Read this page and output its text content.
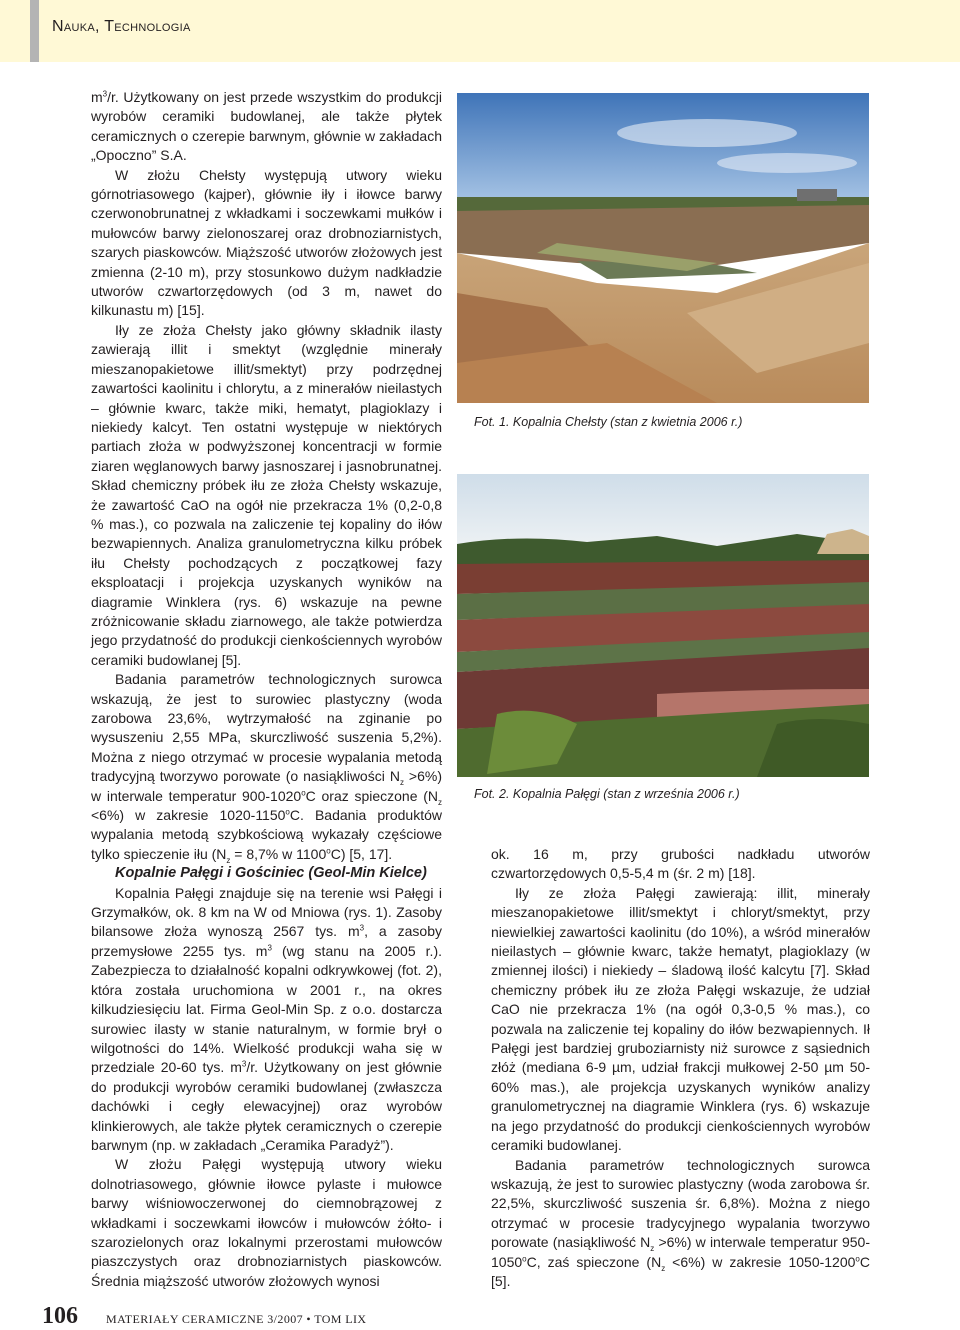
Nauka, Technologia

$m^3/r$. Użytkowany on jest przede wszystkim do produkcji wyrobów ceramiki budowlanej, ale także płytek ceramicznych o czerepie barwnym, głównie w zakładach „Opoczno” S.A.

W złożu Chełsty występują utwory wieku górnotriasowego (kajper), głównie iły i iłowce barwy czerwonobrunatnej z wkładkami i soczewkami mułków i mułowców barwy zielonoszarej oraz drobnoziarnistych, szarych piaskowców. Miąższość utworów złożowych jest zmienna (2-10 m), przy stosunkowo dużym nadkładzie utworów czwartorzędowych (od 3 m, nawet do kilkunastu m) [15].

Iły ze złoża Chełsty jako główny składnik ilasty zawierają illit i smektyt (względnie minerały mieszanopakietowe illit/smektyt) przy podrzędnej zawartości kaolinitu i chlorytu, a z minerałów nieilastych – głównie kwarc, także miki, hematyt, plagioklazy i niekiedy kalcyt. Ten ostatni występuje w niektórych partiach złoża w podwyższonej koncentracji w formie ziaren węglanowych barwy jasnoszarej i jasnobrunatnej. Skład chemiczny próbek iłu ze złoża Chełsty wskazuje, że zawartość CaO na ogół nie przekracza 1% (0,2-0,8 % mas.), co pozwala na zaliczenie tej kopaliny do iłów bezwapiennych. Analiza granulometryczna kilku próbek iłu Chełsty pochodzących z początkowej fazy eksploatacji i projekcja uzyskanych wyników na diagramie Winklera (rys. 6) wskazuje na pewne zróżnicowanie składu ziarnowego, ale także potwierdza jego przydatność do produkcji cienkościennych wyrobów ceramiki budowlanej [5].

Badania parametrów technologicznych surowca wskazują, że jest to surowiec plastyczny (woda zarobowa 23,6%, wytrzymałość na zginanie po wysuszeniu 2,55 MPa, skurczliwość suszenia 5,2%). Można z niego otrzymać w procesie wypalania metodą tradycyjną tworzywo porowate (o nasiąkliwości $N_z >6\%$) w interwale temperatur 900-1020$^o$C oraz spieczone $(N_z <6\%)$ w zakresie 1020-1150$^o$C. Badania produktów wypalania metodą szybkościową wykazały częściowe tylko spieczenie iłu ($N_z = 8,7\%$ w 1100$^o$C) [5, 17].

Kopalnie Pałęgi i Gościniec (Geol-Min Kielce)

Kopalnia Pałęgi znajduje się na terenie wsi Pałęgi i Grzymałków, ok. 8 km na W od Mniowa (rys. 1). Zasoby bilansowe złoża wynoszą 2567 tys. $m^3$, a zasoby przemysłowe 2255 tys. $m^3$ (wg stanu na 2005 r.). Zabezpiecza to działalność kopalni odkrywkowej (fot. 2), która została uruchomiona w 2001 r., na okres kilkudziesięciu lat. Firma Geol-Min Sp. z o.o. dostarcza surowiec ilasty w stanie naturalnym, w formie brył o wilgotności do 14%. Wielkość produkcji waha się w przedziale 20-60 tys. $m^3/r$. Użytkowany on jest głównie do produkcji wyrobów ceramiki budowlanej (zwłaszcza dachówki i cegły elewacyjnej) oraz wyrobów klinkierowych, ale także płytek ceramicznych o czerepie barwnym (np. w zakładach „Ceramika Paradyż”).

W złożu Pałęgi występują utwory wieku dolnotriasowego, głównie iłowce pylaste i mułowce barwy wiśniowoczerwonej do ciemnobrązowej z wkładkami i soczewkami iłowców i mułowców żółto- i szarozielonych oraz lokalnymi przerostami mułowców piaszczystych oraz drobnoziarnistych piaskowców. Średnia miąższość utworów złożowych wynosi

Fot. 1. Kopalnia Chełsty (stan z kwietnia 2006 r.)
Fot. 2. Kopalnia Pałęgi (stan z września 2006 r.)

ok. 16 m, przy grubości nadkładu utworów czwartorzędowych 0,5-5,4 m (śr. 2 m) [18].

Iły ze złoża Pałęgi zawierają: illit, minerały mieszanopakietowe illit/smektyt i chloryt/smektyt, przy niewielkiej zawartości kaolinitu (do 10%), a wśród minerałów nieilastych – głównie kwarc, także hematyt, plagioklazy (w zmiennej ilości) i niekiedy – śladową ilość kalcytu [7]. Skład chemiczny próbek iłu ze złoża Pałęgi wskazuje, że udział CaO nie przekracza 1% (na ogół 0,3-0,5 % mas.), co pozwala na zaliczenie tej kopaliny do iłów bezwapiennych. Ił Pałęgi jest bardziej gruboziarnisty niż surowce z sąsiednich złóż (mediana 6-9 µm, udział frakcji mułkowej 2-50 µm 50-60% mas.), ale projekcja uzyskanych wyników analizy granulometrycznej na diagramie Winklera (rys. 6) wskazuje na jego przydatność do produkcji cienkościennych wyrobów ceramiki budowlanej.

Badania parametrów technologicznych surowca wskazują, że jest to surowiec plastyczny (woda zarobowa śr. 22,5%, skurczliwość suszenia śr. 6,8%). Można z niego otrzymać w procesie tradycyjnego wypalania tworzywo porowate (nasiąkliwość $N_z >6\%$) w interwale temperatur 950-1050$^o$C, zaś spieczone $(N_z <6\%)$ w zakresie 1050-1200$^o$C [5].

106 MATERIAŁY CERAMICZNE 3/2007 • TOM LIX
